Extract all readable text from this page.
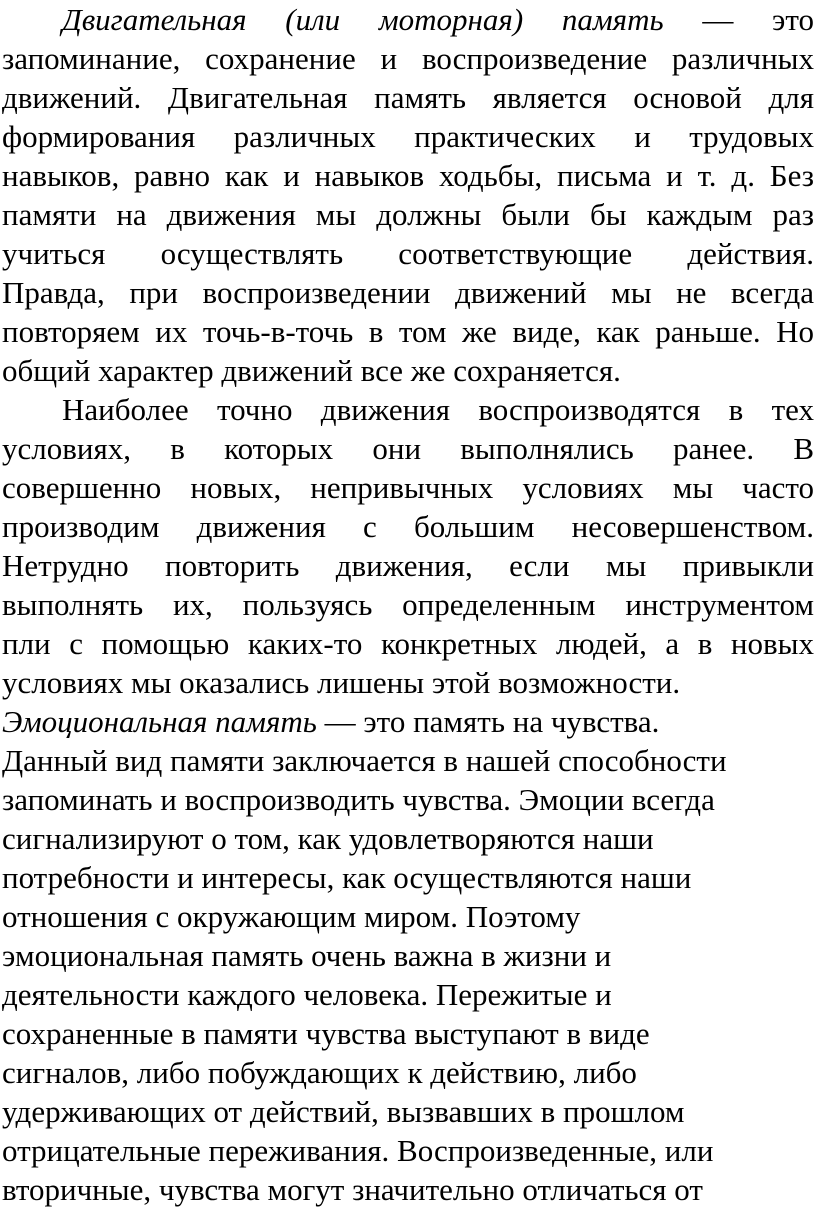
Двигательная (или моторная) память — это
запоминание, сохранение и воспроизведение различных
движений. Двигательная память является основой для
формирования различных практических и трудовых
навыков, равно как и навыков ходьбы, письма и т. д. Без
памяти на движения мы должны были бы каждым раз
учиться осуществлять соответствующие действия.
Правда, при воспроизведении движений мы не всегда
повторяем их точь-в-точь в том же виде, как раньше. Но
общий характер движений все же сохраняется.
Наиболее точно движения воспроизводятся в тех
условиях, в которых они выполнялись ранее. В
совершенно новых, непривычных условиях мы часто
производим движения с большим несовершенством.
Нетрудно повторить движения, если мы привыкли
выполнять их, пользуясь определенным инструментом
пли с помощью каких-то конкретных людей, а в новых
условиях мы оказались лишены этой возможности.
Эмоциональная память — это память на чувства.
Данный вид памяти заключается в нашей способности
запоминать и воспроизводить чувства. Эмоции всегда
сигнализируют о том, как удовлетворяются наши
потребности и интересы, как осуществляются наши
отношения с окружающим миром. Поэтому
эмоциональная память очень важна в жизни и
деятельности каждого человека. Пережитые и
сохраненные в памяти чувства выступают в виде
сигналов, либо побуждающих к действию, либо
удерживающих от действий, вызвавших в прошлом
отрицательные переживания. Воспроизведенные, или
вторичные, чувства могут значительно отличаться от
